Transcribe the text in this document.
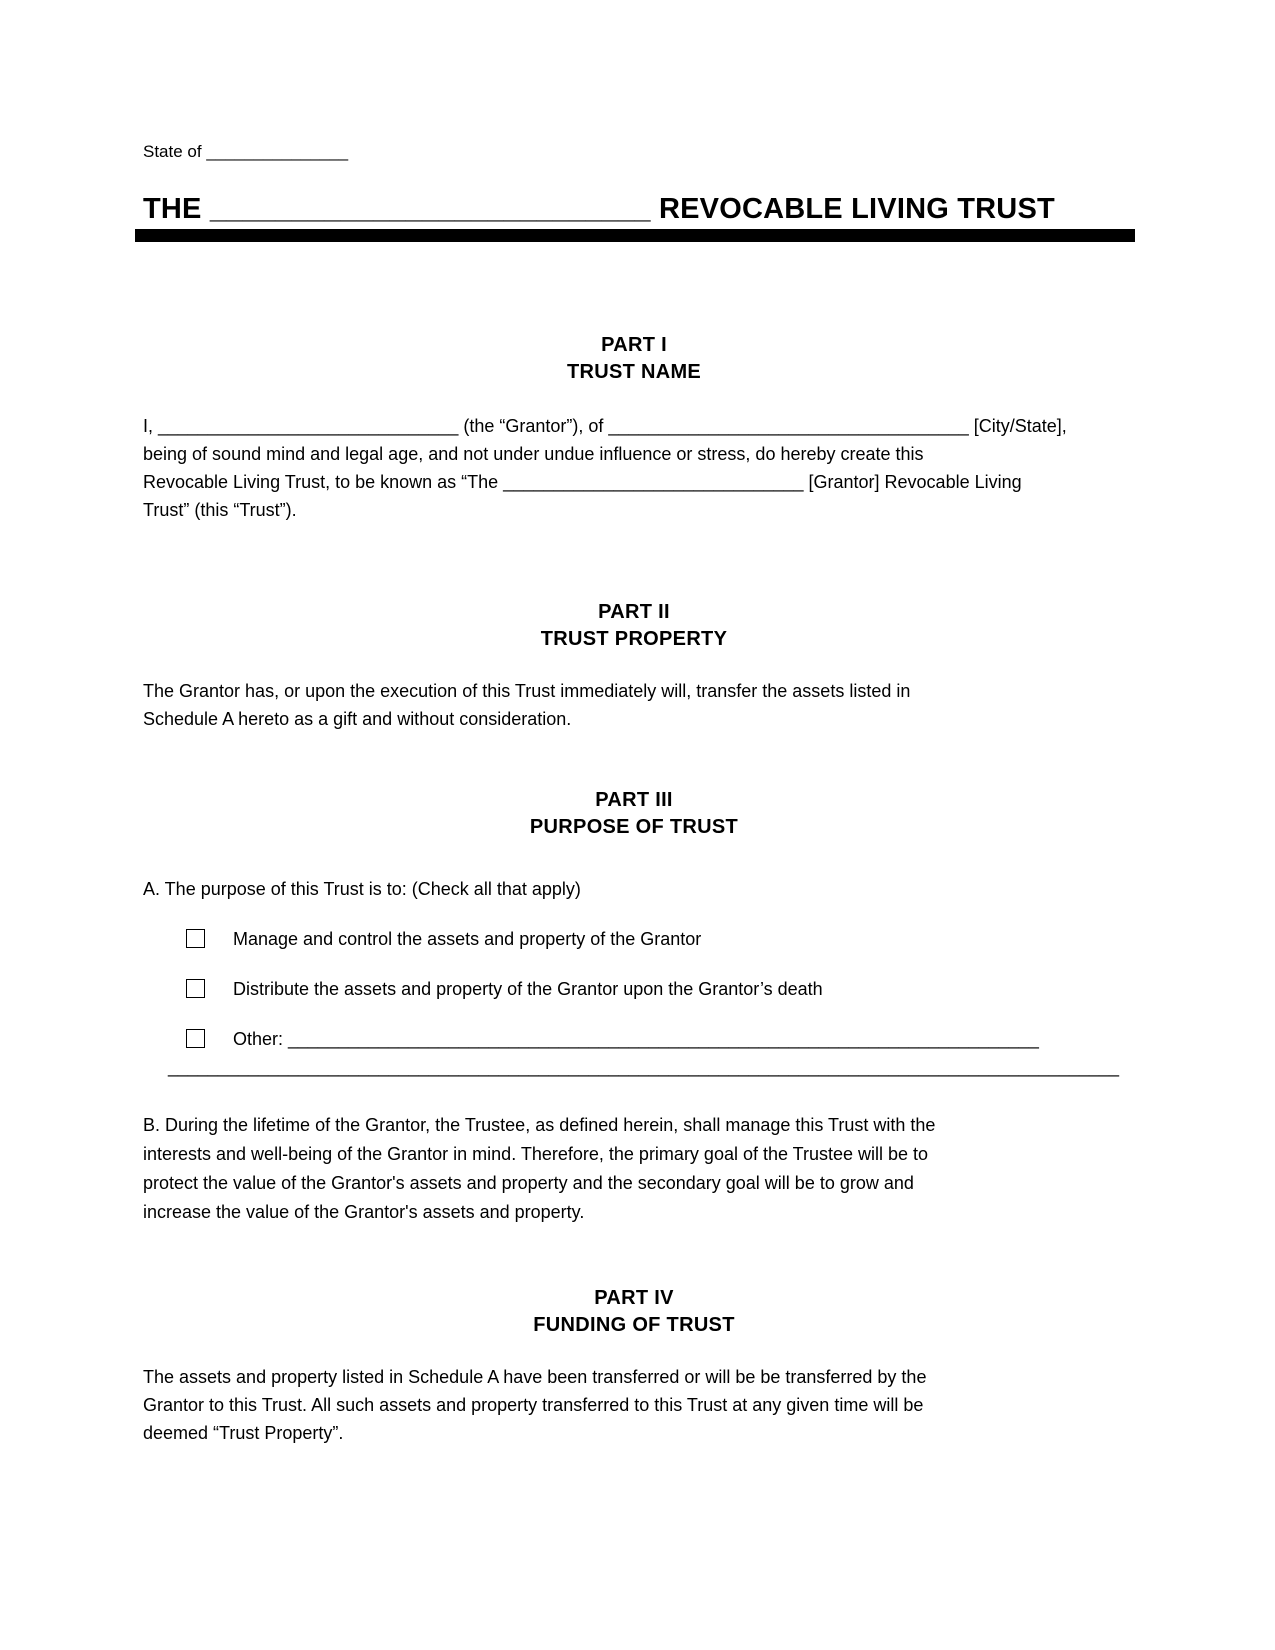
State of _______________
THE ___________________________ REVOCABLE LIVING TRUST
PART I
TRUST NAME
I, ______________________________ (the “Grantor”), of ____________________________________ [City/State],
being of sound mind and legal age, and not under undue influence or stress, do hereby create this
Revocable Living Trust, to be known as “The ______________________________ [Grantor] Revocable Living
Trust” (this “Trust”).
PART II
TRUST PROPERTY
The Grantor has, or upon the execution of this Trust immediately will, transfer the assets listed in
Schedule A hereto as a gift and without consideration.
PART III
PURPOSE OF TRUST
A. The purpose of this Trust is to: (Check all that apply)
Manage and control the assets and property of the Grantor
Distribute the assets and property of the Grantor upon the Grantor’s death
Other: ___________________________________________________________________________
_______________________________________________________________________________________________
B. During the lifetime of the Grantor, the Trustee, as defined herein, shall manage this Trust with the
interests and well-being of the Grantor in mind. Therefore, the primary goal of the Trustee will be to
protect the value of the Grantor's assets and property and the secondary goal will be to grow and
increase the value of the Grantor's assets and property.
PART IV
FUNDING OF TRUST
The assets and property listed in Schedule A have been transferred or will be be transferred by the
Grantor to this Trust. All such assets and property transferred to this Trust at any given time will be
deemed “Trust Property”.
